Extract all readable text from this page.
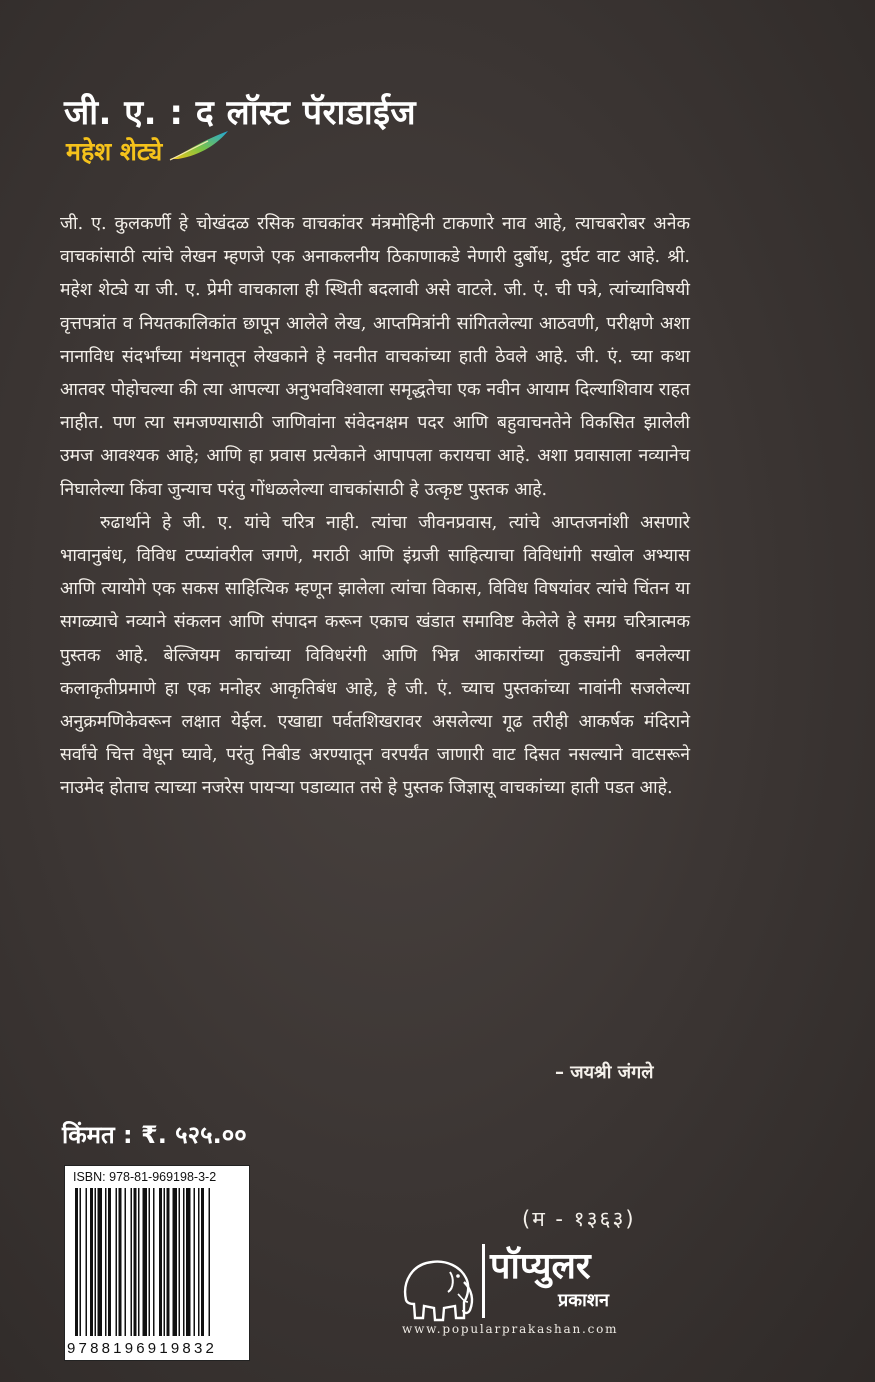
जी. ए. : द लॉस्ट पॅराडाईज
महेश शेट्ये

जी. ए. कुलकर्णी हे चोखंदळ रसिक वाचकांवर मंत्रमोहिनी टाकणारे नाव आहे, त्याचबरोबर अनेक वाचकांसाठी त्यांचे लेखन म्हणजे एक अनाकलनीय ठिकाणाकडे नेणारी दुर्बोध, दुर्घट वाट आहे. श्री. महेश शेट्ये या जी. ए. प्रेमी वाचकाला ही स्थिती बदलावी असे वाटले. जी. एं. ची पत्रे, त्यांच्याविषयी वृत्तपत्रांत व नियतकालिकांत छापून आलेले लेख, आप्तमित्रांनी सांगितलेल्या आठवणी, परीक्षणे अशा नानाविध संदर्भांच्या मंथनातून लेखकाने हे नवनीत वाचकांच्या हाती ठेवले आहे. जी. एं. च्या कथा आतवर पोहोचल्या की त्या आपल्या अनुभवविश्वाला समृद्धतेचा एक नवीन आयाम दिल्याशिवाय राहत नाहीत. पण त्या समजण्यासाठी जाणिवांना संवेदनक्षम पदर आणि बहुवाचनतेने विकसित झालेली उमज आवश्यक आहे; आणि हा प्रवास प्रत्येकाने आपापला करायचा आहे. अशा प्रवासाला नव्यानेच निघालेल्या किंवा जुन्याच परंतु गोंधळलेल्या वाचकांसाठी हे उत्कृष्ट पुस्तक आहे.

रुढार्थाने हे जी. ए. यांचे चरित्र नाही. त्यांचा जीवनप्रवास, त्यांचे आप्तजनांशी असणारे भावानुबंध, विविध टप्प्यांवरील जगणे, मराठी आणि इंग्रजी साहित्याचा विविधांगी सखोल अभ्यास आणि त्यायोगे एक सकस साहित्यिक म्हणून झालेला त्यांचा विकास, विविध विषयांवर त्यांचे चिंतन या सगळ्याचे नव्याने संकलन आणि संपादन करून एकाच खंडात समाविष्ट केलेले हे समग्र चरित्रात्मक पुस्तक आहे. बेल्जियम काचांच्या विविधरंगी आणि भिन्न आकारांच्या तुकड्यांनी बनलेल्या कलाकृतीप्रमाणे हा एक मनोहर आकृतिबंध आहे, हे जी. एं. च्याच पुस्तकांच्या नावांनी सजलेल्या अनुक्रमणिकेवरून लक्षात येईल. एखाद्या पर्वतशिखरावर असलेल्या गूढ तरीही आकर्षक मंदिराने सर्वांचे चित्त वेधून घ्यावे, परंतु निबीड अरण्यातून वरपर्यंत जाणारी वाट दिसत नसल्याने वाटसरूने नाउमेद होताच त्याच्या नजरेस पायऱ्या पडाव्यात तसे हे पुस्तक जिज्ञासू वाचकांच्या हाती पडत आहे.

– जयश्री जंगले
किंमत : ₹. ५२५.००
ISBN: 978-81-969198-3-2
9788196919832
(म - १३६३)
पॉप्युलर
प्रकाशन
www.popularprakashan.com
